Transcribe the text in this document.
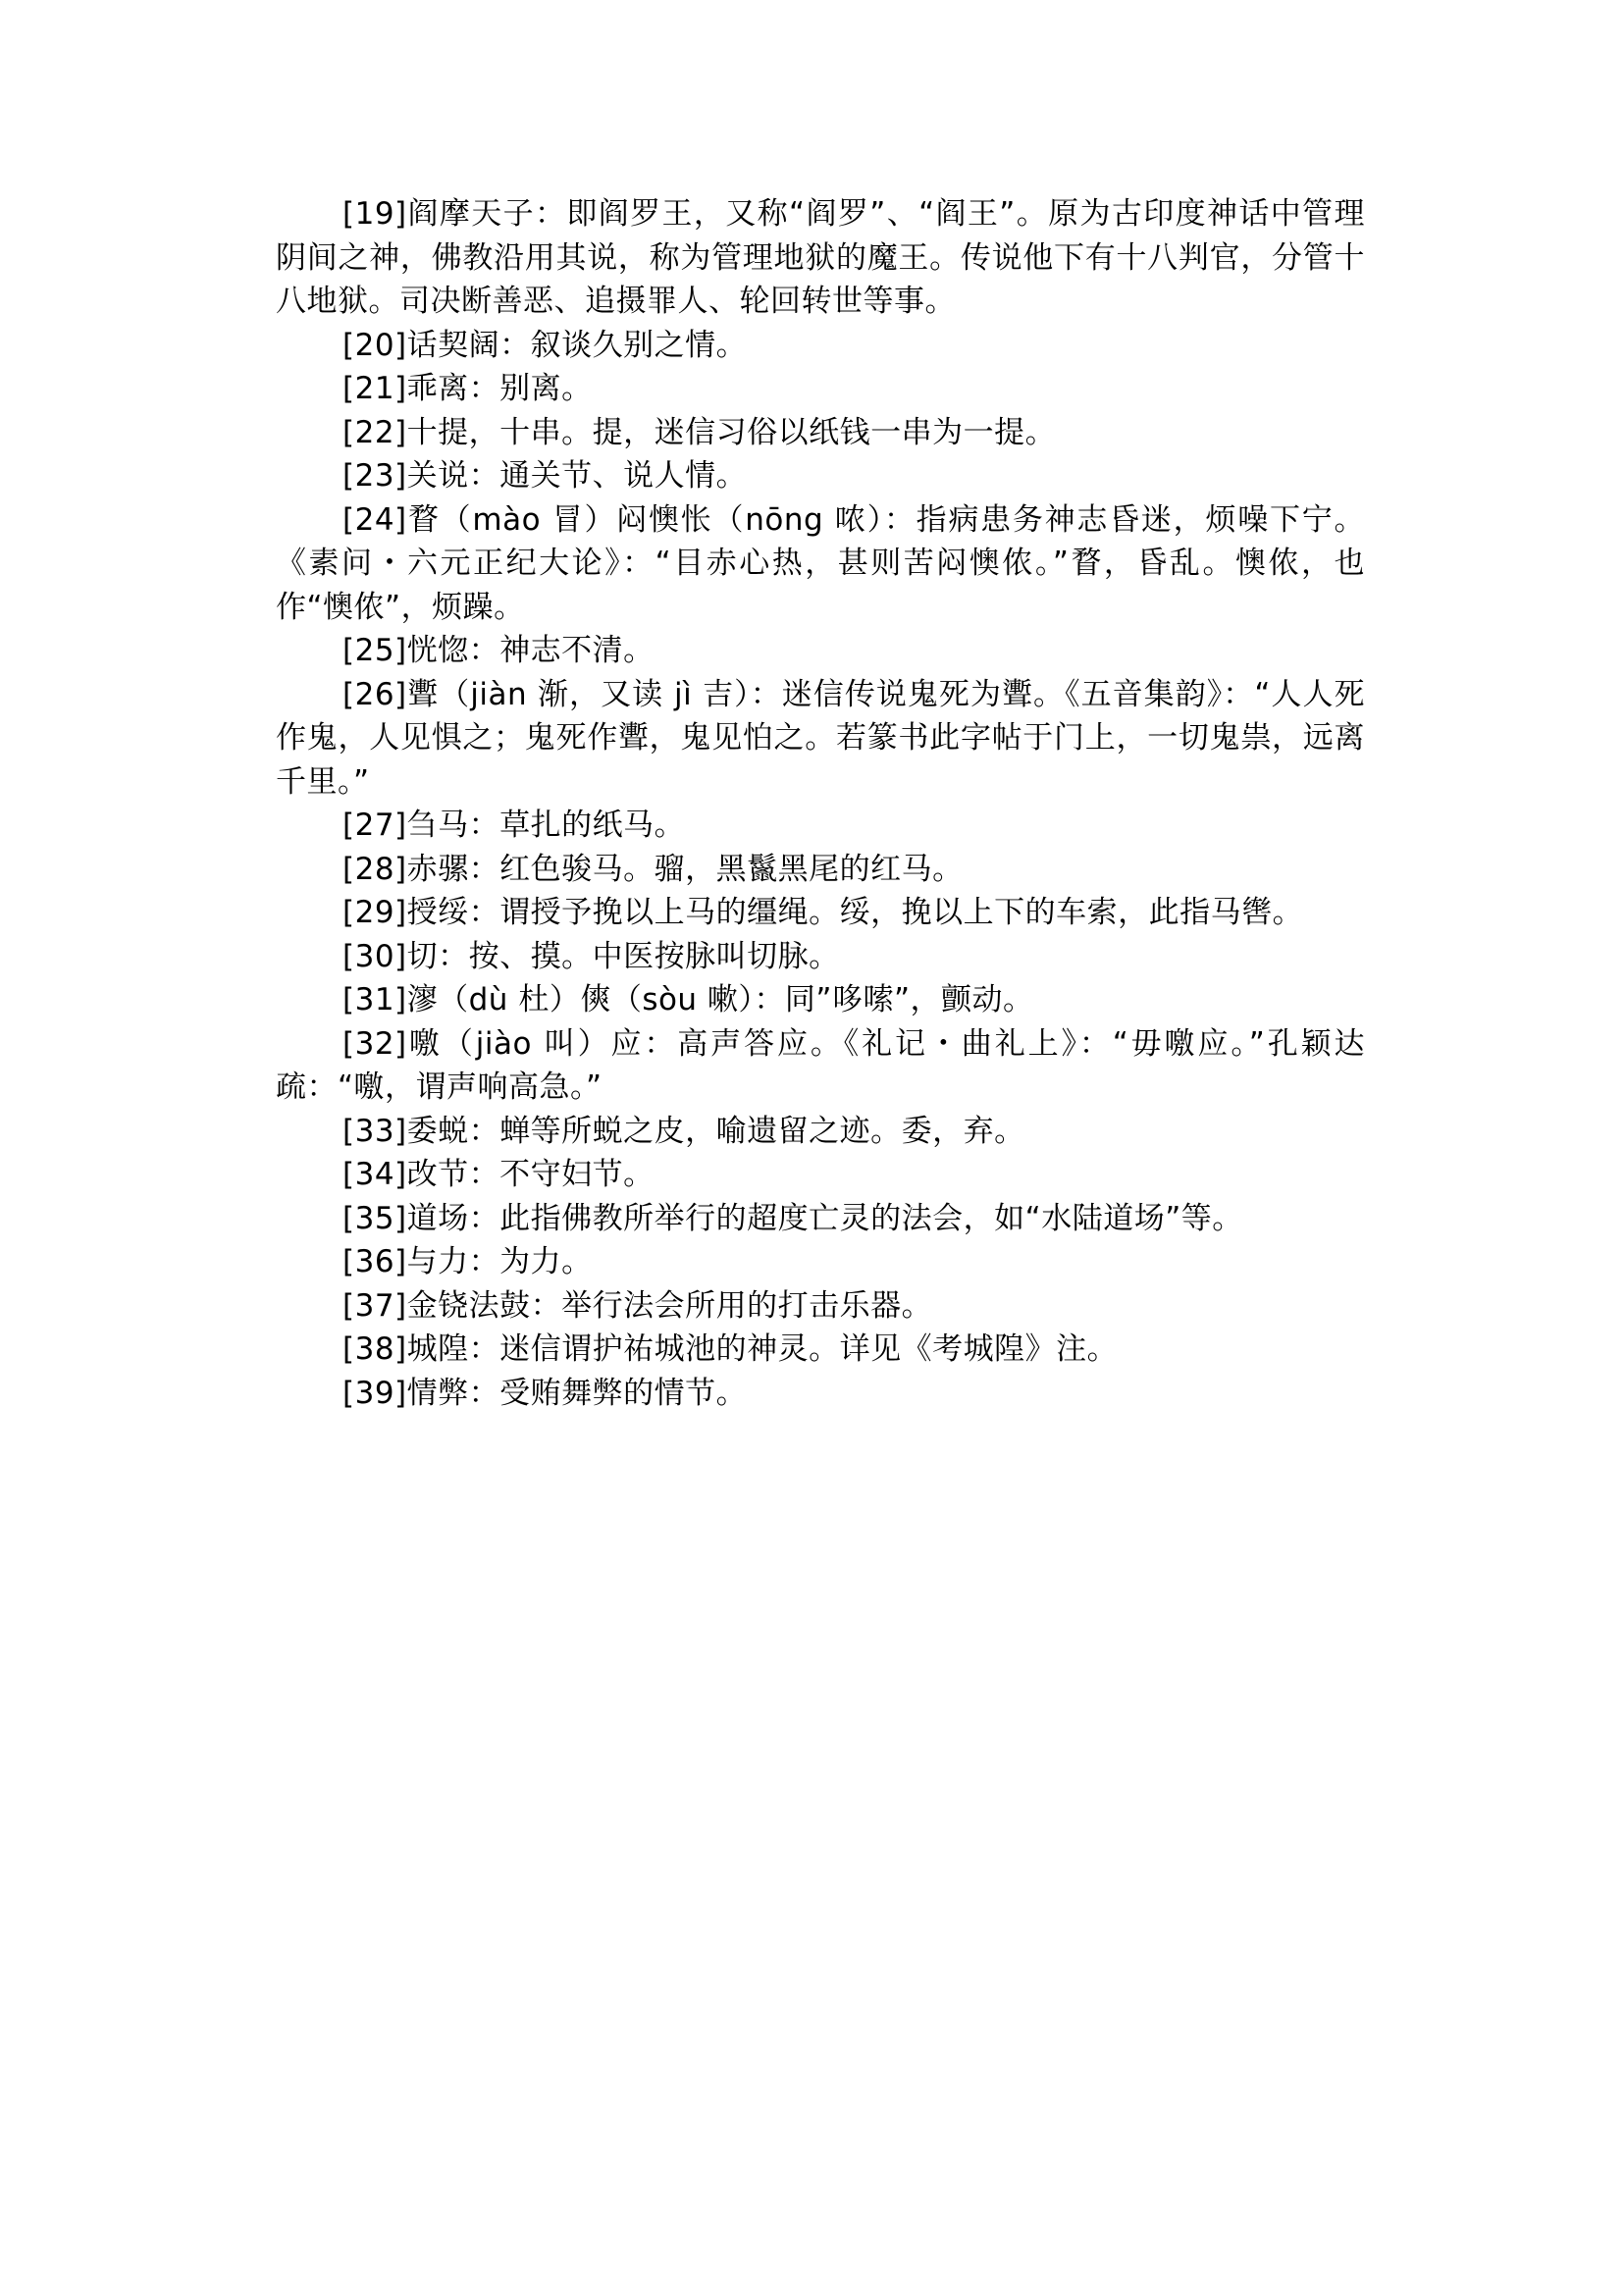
[19]阎摩天子：即阎罗王，又称“阎罗”、“阎王”。原为古印度神话中管理阴间之神，佛教沿用其说，称为管理地狱的魔王。传说他下有十八判官，分管十八地狱。司决断善恶、追摄罪人、轮回转世等事。

[20]话契阔：叙谈久别之情。

[21]乖离：别离。

[22]十提，十串。提，迷信习俗以纸钱一串为一提。

[23]关说：通关节、说人情。

[24]瞀（mào 冒）闷懊怅（nōng 哝）：指病患务神志昏迷，烦噪下宁。《素问・六元正纪大论》：“目赤心热，甚则苦闷懊侬。”瞀，昏乱。懊侬，也作“懊侬”，烦躁。

[25]恍惚：神志不清。

[26]聻（jiàn 渐，又读 jì 吉）：迷信传说鬼死为聻。《五音集韵》：“人人死作鬼，人见惧之；鬼死作聻，鬼见怕之。若篆书此字帖于门上，一切鬼祟，远离千里。”

[27]刍马：草扎的纸马。

[28]赤骡：红色骏马。骝，黑鬣黑尾的红马。

[29]授绥：谓授予挽以上马的缰绳。绥，挽以上下的车索，此指马辔。

[30]切：按、摸。中医按脉叫切脉。

[31]㵳（dù 杜）傸（sòu 嗽）：同”哆嗦”，颤动。

[32]噭（jiào 叫）应：高声答应。《礼记・曲礼上》：“毋噭应。”孔颖达疏：“噭，谓声响高急。”

[33]委蜕：蝉等所蜕之皮，喻遗留之迹。委，弃。

[34]改节：不守妇节。

[35]道场：此指佛教所举行的超度亡灵的法会，如“水陆道场”等。

[36]与力：为力。

[37]金铙法鼓：举行法会所用的打击乐器。

[38]城隍：迷信谓护祐城池的神灵。详见《考城隍》注。

[39]情弊：受贿舞弊的情节。
